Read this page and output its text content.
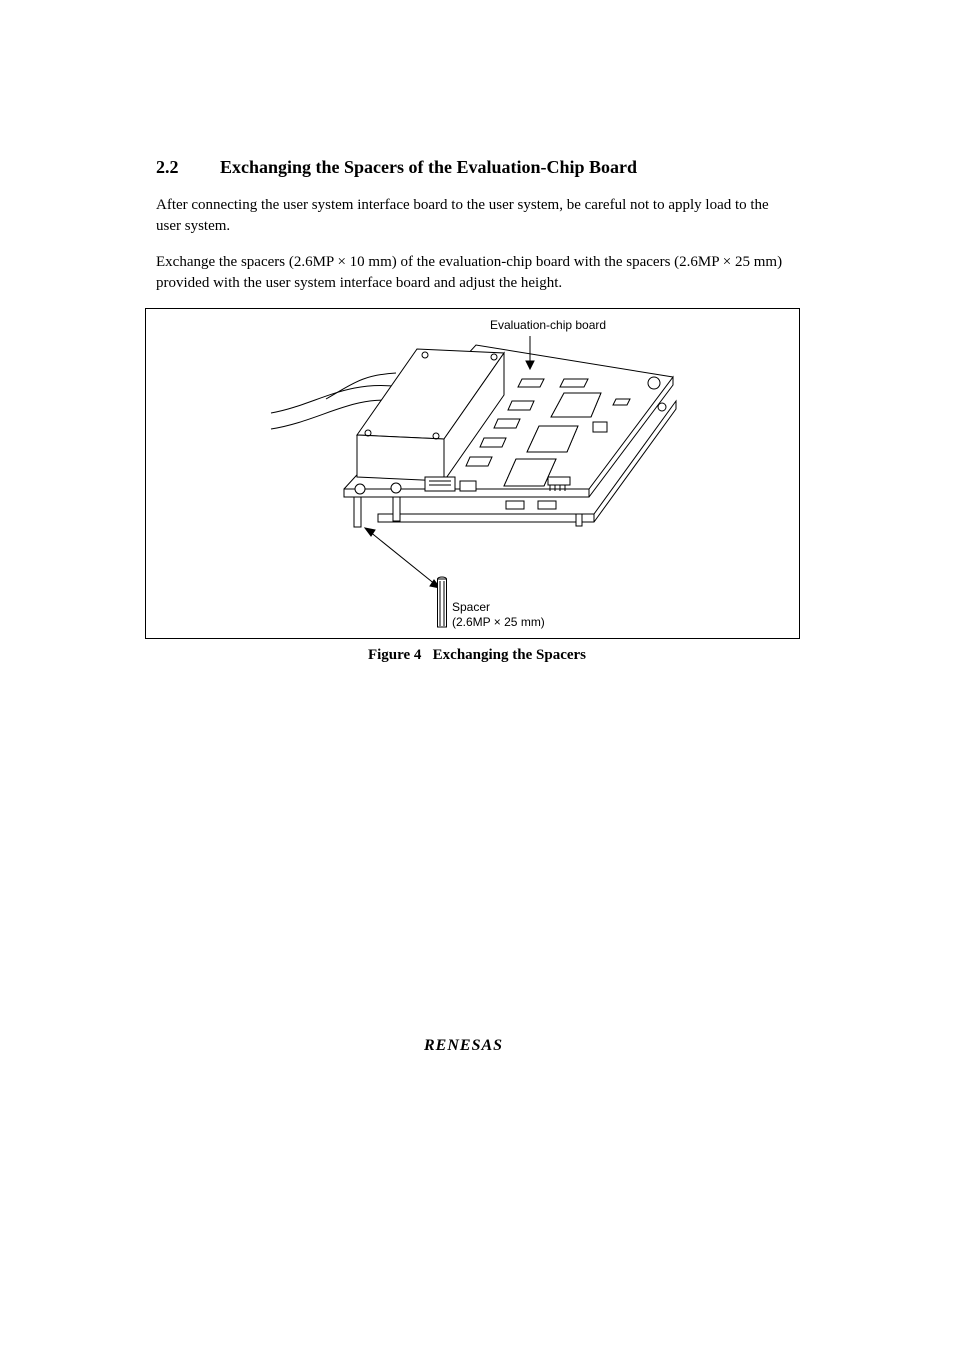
2.2 Exchanging the Spacers of the Evaluation-Chip Board

After connecting the user system interface board to the user system, be careful not to apply load to the user system.

Exchange the spacers (2.6MP × 10 mm) of the evaluation-chip board with the spacers (2.6MP × 25 mm) provided with the user system interface board and adjust the height.

Evaluation-chip board
Spacer
(2.6MP × 25 mm)
Figure 4   Exchanging the Spacers
RENESAS
